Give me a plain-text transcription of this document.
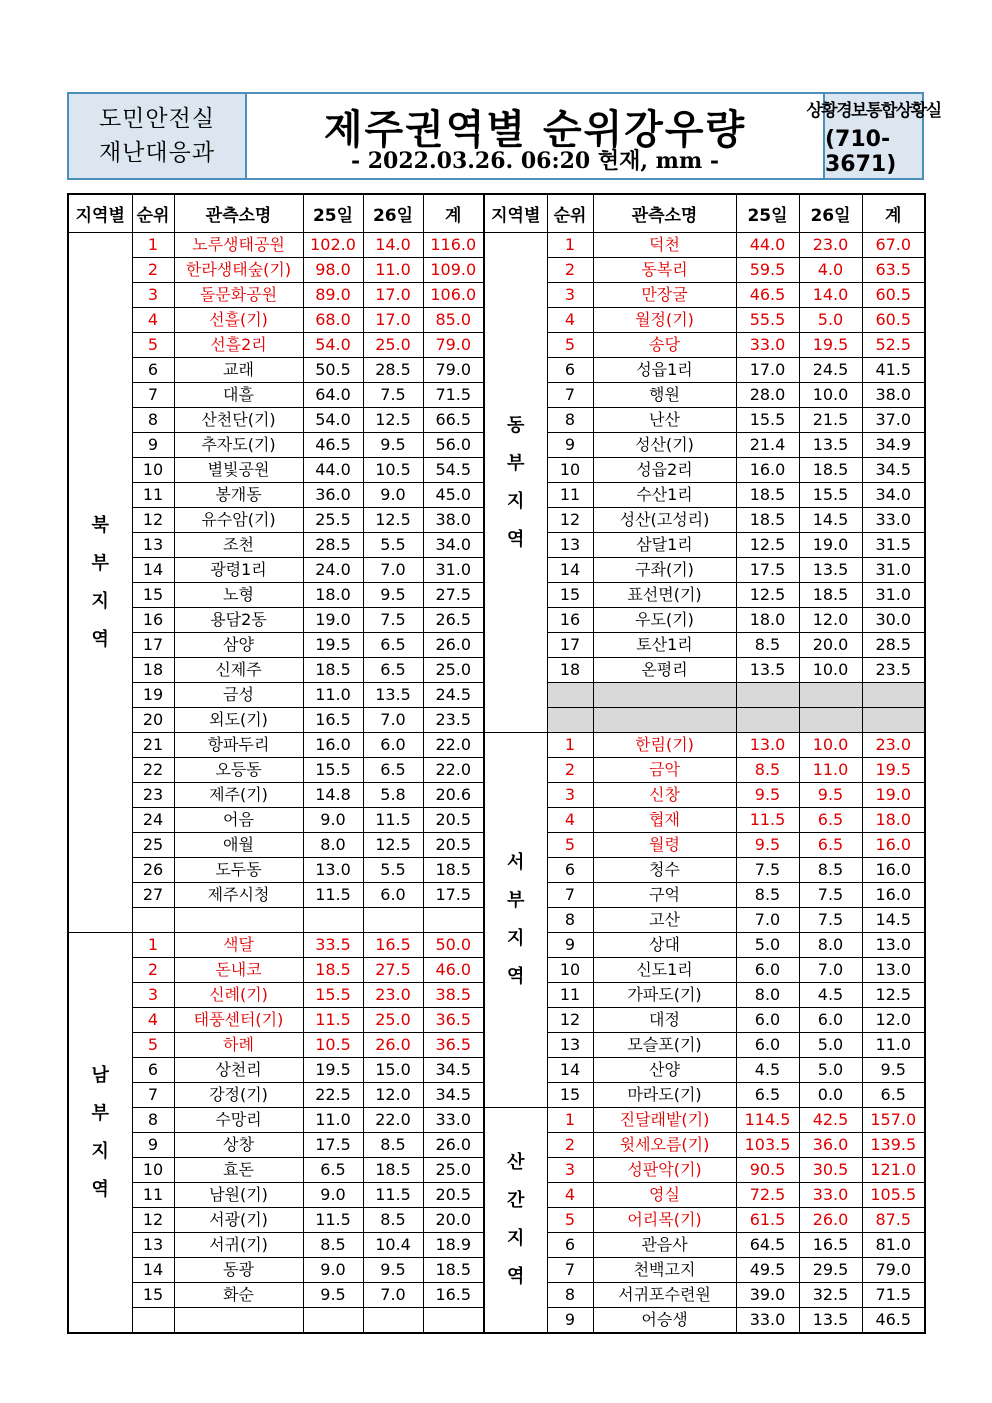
도민안전실
재난대응과	제주권역별 순위강우량
- 2022.03.26. 06:20 현재, mm -
상황경보통합상황실
(710-3671)
지역별	순위	관측소명	25일	26일	계
북
부
지
역	1	노루생태공원	102.0	14.0	116.0
	2	한라생태숲(기)	98.0	11.0	109.0
	3	돌문화공원	89.0	17.0	106.0
	4	선흘(기)	68.0	17.0	85.0
	5	선흘2리	54.0	25.0	79.0
	6	교래	50.5	28.5	79.0
	7	대흘	64.0	7.5	71.5
	8	산천단(기)	54.0	12.5	66.5
	9	추자도(기)	46.5	9.5	56.0
	10	별빛공원	44.0	10.5	54.5
	11	봉개동	36.0	9.0	45.0
	12	유수암(기)	25.5	12.5	38.0
	13	조천	28.5	5.5	34.0
	14	광령1리	24.0	7.0	31.0
	15	노형	18.0	9.5	27.5
	16	용담2동	19.0	7.5	26.5
	17	삼양	19.5	6.5	26.0
	18	신제주	18.5	6.5	25.0
	19	금성	11.0	13.5	24.5
	20	외도(기)	16.5	7.0	23.5
	21	항파두리	16.0	6.0	22.0
	22	오등동	15.5	6.5	22.0
	23	제주(기)	14.8	5.8	20.6
	24	어음	9.0	11.5	20.5
	25	애월	8.0	12.5	20.5
	26	도두동	13.0	5.5	18.5
	27	제주시청	11.5	6.0	17.5

남
부
지
역	1	색달	33.5	16.5	50.0
	2	돈내코	18.5	27.5	46.0
	3	신례(기)	15.5	23.0	38.5
	4	태풍센터(기)	11.5	25.0	36.5
	5	하례	10.5	26.0	36.5
	6	상천리	19.5	15.0	34.5
	7	강정(기)	22.5	12.0	34.5
	8	수망리	11.0	22.0	33.0
	9	상창	17.5	8.5	26.0
	10	효돈	6.5	18.5	25.0
	11	남원(기)	9.0	11.5	20.5
	12	서광(기)	11.5	8.5	20.0
	13	서귀(기)	8.5	10.4	18.9
	14	동광	9.0	9.5	18.5
	15	화순	9.5	7.0	16.5

지역별	순위	관측소명	25일	26일	계
동
부
지
역	1	덕천	44.0	23.0	67.0
	2	동복리	59.5	4.0	63.5
	3	만장굴	46.5	14.0	60.5
	4	월정(기)	55.5	5.0	60.5
	5	송당	33.0	19.5	52.5
	6	성읍1리	17.0	24.5	41.5
	7	행원	28.0	10.0	38.0
	8	난산	15.5	21.5	37.0
	9	성산(기)	21.4	13.5	34.9
	10	성읍2리	16.0	18.5	34.5
	11	수산1리	18.5	15.5	34.0
	12	성산(고성리)	18.5	14.5	33.0
	13	삼달1리	12.5	19.0	31.5
	14	구좌(기)	17.5	13.5	31.0
	15	표선면(기)	12.5	18.5	31.0
	16	우도(기)	18.0	12.0	30.0
	17	토산1리	8.5	20.0	28.5
	18	온평리	13.5	10.0	23.5

서
부
지
역	1	한림(기)	13.0	10.0	23.0
	2	금악	8.5	11.0	19.5
	3	신창	9.5	9.5	19.0
	4	협재	11.5	6.5	18.0
	5	월령	9.5	6.5	16.0
	6	청수	7.5	8.5	16.0
	7	구억	8.5	7.5	16.0
	8	고산	7.0	7.5	14.5
	9	상대	5.0	8.0	13.0
	10	신도1리	6.0	7.0	13.0
	11	가파도(기)	8.0	4.5	12.5
	12	대정	6.0	6.0	12.0
	13	모슬포(기)	6.0	5.0	11.0
	14	산양	4.5	5.0	9.5
	15	마라도(기)	6.5	0.0	6.5
산
간
지
역	1	진달래밭(기)	114.5	42.5	157.0
	2	윗세오름(기)	103.5	36.0	139.5
	3	성판악(기)	90.5	30.5	121.0
	4	영실	72.5	33.0	105.5
	5	어리목(기)	61.5	26.0	87.5
	6	관음사	64.5	16.5	81.0
	7	천백고지	49.5	29.5	79.0
	8	서귀포수련원	39.0	32.5	71.5
	9	어승생	33.0	13.5	46.5
